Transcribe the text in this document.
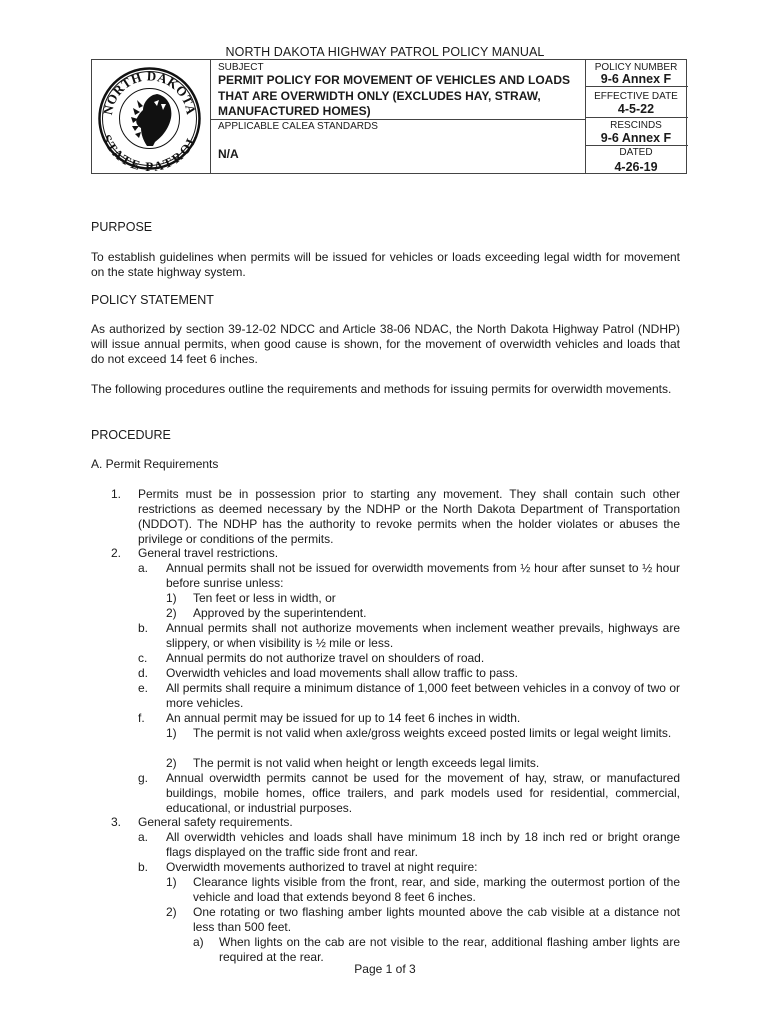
NORTH DAKOTA HIGHWAY PATROL POLICY MANUAL
NORTH DAKOTA
STATE PATROL
SUBJECT
PERMIT POLICY FOR MOVEMENT OF VEHICLES AND LOADS THAT ARE OVERWIDTH ONLY (EXCLUDES HAY, STRAW, MANUFACTURED HOMES)
APPLICABLE CALEA STANDARDS
N/A
POLICY NUMBER
9-6 Annex F
EFFECTIVE DATE
4-5-22
RESCINDS
9-6 Annex F
DATED
4-26-19
PURPOSE
To establish guidelines when permits will be issued for vehicles or loads exceeding legal width for movement on the state highway system.
POLICY STATEMENT
As authorized by section 39-12-02 NDCC and Article 38-06 NDAC, the North Dakota Highway Patrol (NDHP) will issue annual permits, when good cause is shown, for the movement of overwidth vehicles and loads that do not exceed 14 feet 6 inches.
The following procedures outline the requirements and methods for issuing permits for overwidth movements.
PROCEDURE
A. Permit Requirements
1. Permits must be in possession prior to starting any movement. They shall contain such other restrictions as deemed necessary by the NDHP or the North Dakota Department of Transportation (NDDOT). The NDHP has the authority to revoke permits when the holder violates or abuses the privilege or conditions of the permits.
2. General travel restrictions.
a. Annual permits shall not be issued for overwidth movements from ½ hour after sunset to ½ hour before sunrise unless:
1) Ten feet or less in width, or
2) Approved by the superintendent.
b. Annual permits shall not authorize movements when inclement weather prevails, highways are slippery, or when visibility is ½ mile or less.
c. Annual permits do not authorize travel on shoulders of road.
d. Overwidth vehicles and load movements shall allow traffic to pass.
e. All permits shall require a minimum distance of 1,000 feet between vehicles in a convoy of two or more vehicles.
f. An annual permit may be issued for up to 14 feet 6 inches in width.
1) The permit is not valid when axle/gross weights exceed posted limits or legal weight limits.
2) The permit is not valid when height or length exceeds legal limits.
g. Annual overwidth permits cannot be used for the movement of hay, straw, or manufactured buildings, mobile homes, office trailers, and park models used for residential, commercial, educational, or industrial purposes.
3. General safety requirements.
a. All overwidth vehicles and loads shall have minimum 18 inch by 18 inch red or bright orange flags displayed on the traffic side front and rear.
b. Overwidth movements authorized to travel at night require:
1) Clearance lights visible from the front, rear, and side, marking the outermost portion of the vehicle and load that extends beyond 8 feet 6 inches.
2) One rotating or two flashing amber lights mounted above the cab visible at a distance not less than 500 feet.
a) When lights on the cab are not visible to the rear, additional flashing amber lights are required at the rear.
Page 1 of 3
